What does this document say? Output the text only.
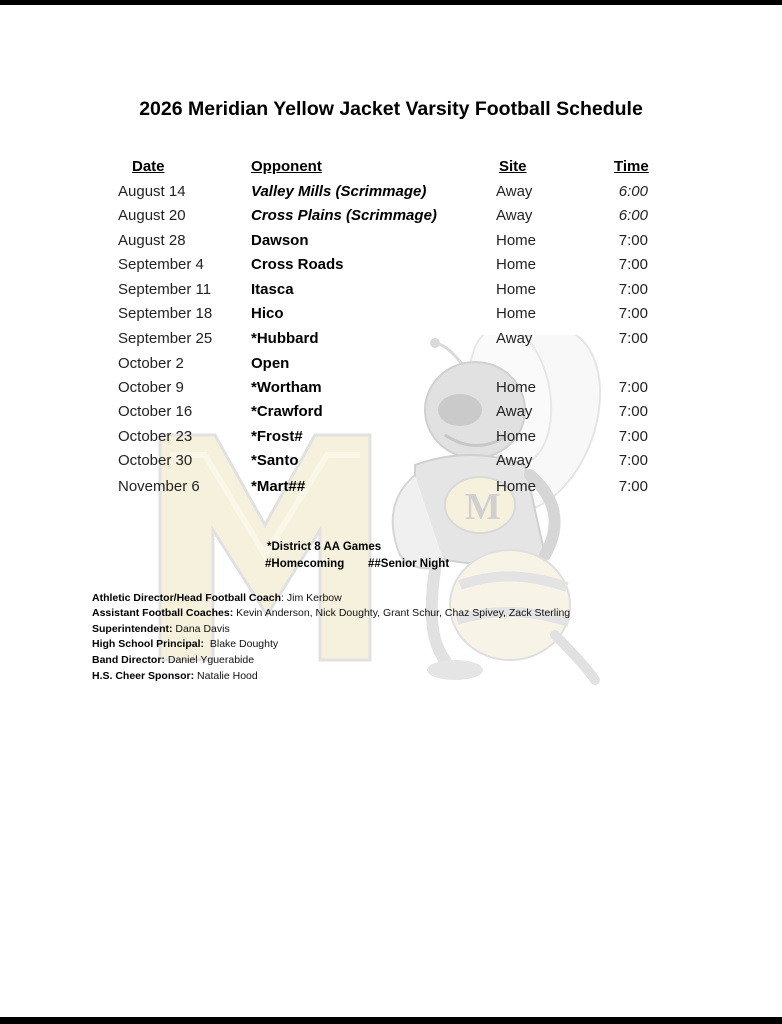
M
2026 Meridian Yellow Jacket Varsity Football Schedule
Date	Opponent	Site	Time
August 14	Valley Mills (Scrimmage)	Away	6:00
August 20	Cross Plains (Scrimmage)	Away	6:00
August 28	Dawson	Home	7:00
September 4	Cross Roads	Home	7:00
September 11	Itasca	Home	7:00
September 18	Hico	Home	7:00
September 25	*Hubbard	Away	7:00
October 2	Open
October 9	*Wortham	Home	7:00
October 16	*Crawford	Away	7:00
October 23	*Frost#	Home	7:00
October 30	*Santo	Away	7:00
November 6	*Mart##	Home	7:00
*District 8 AA Games
#Homecoming ##Senior Night
Athletic Director/Head Football Coach: Jim Kerbow
Assistant Football Coaches: Kevin Anderson, Nick Doughty, Grant Schur, Chaz Spivey, Zack Sterling
Superintendent: Dana Davis
High School Principal: Blake Doughty
Band Director: Daniel Yguerabide
H.S. Cheer Sponsor: Natalie Hood
